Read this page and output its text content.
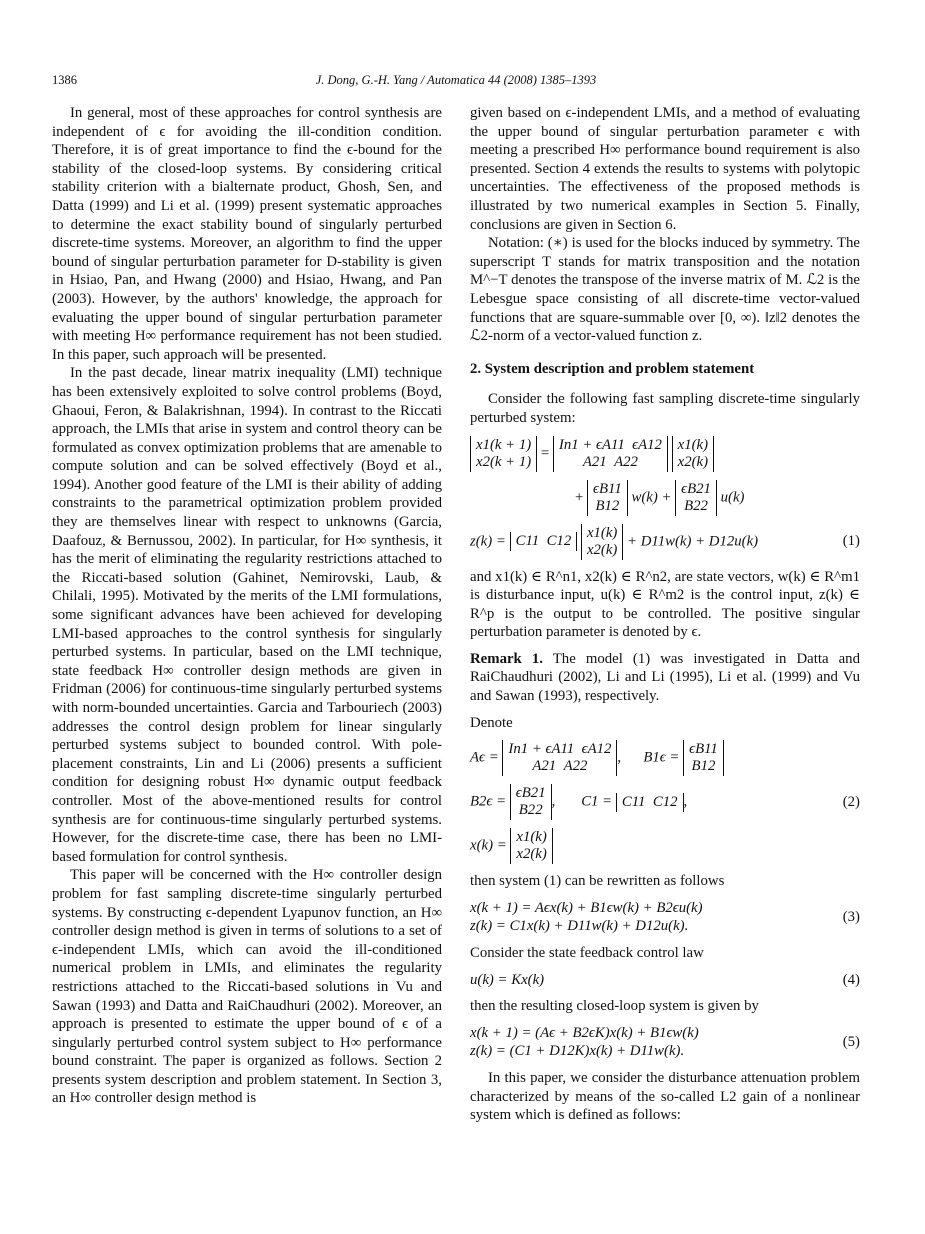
1386	J. Dong, G.-H. Yang / Automatica 44 (2008) 1385–1393

In general, most of these approaches for control synthesis are independent of ϵ for avoiding the ill-condition condition. Therefore, it is of great importance to find the ϵ-bound for the stability of the closed-loop systems. By considering critical stability criterion with a bialternate product, Ghosh, Sen, and Datta (1999) and Li et al. (1999) present systematic approaches to determine the exact stability bound of singularly perturbed discrete-time systems. Moreover, an algorithm to find the upper bound of singular perturbation parameter for D-stability is given in Hsiao, Pan, and Hwang (2000) and Hsiao, Hwang, and Pan (2003). However, by the authors' knowledge, the approach for evaluating the upper bound of singular perturbation parameter with meeting H∞ performance requirement has not been studied. In this paper, such approach will be presented.

In the past decade, linear matrix inequality (LMI) technique has been extensively exploited to solve control problems (Boyd, Ghaoui, Feron, & Balakrishnan, 1994). In contrast to the Riccati approach, the LMIs that arise in system and control theory can be formulated as convex optimization problems that are amenable to compute solution and can be solved effectively (Boyd et al., 1994). Another good feature of the LMI is their ability of adding constraints to the parametrical optimization problem provided they are themselves linear with respect to unknowns (Garcia, Daafouz, & Bernussou, 2002). In particular, for H∞ synthesis, it has the merit of eliminating the regularity restrictions attached to the Riccati-based solution (Gahinet, Nemirovski, Laub, & Chilali, 1995). Motivated by the merits of the LMI formulations, some significant advances have been achieved for developing LMI-based approaches to the control synthesis for singularly perturbed systems. In particular, based on the LMI technique, state feedback H∞ controller design methods are given in Fridman (2006) for continuous-time singularly perturbed systems with norm-bounded uncertainties. Garcia and Tarbouriech (2003) addresses the control design problem for linear singularly perturbed systems subject to bounded control. With pole-placement constraints, Lin and Li (2006) presents a sufficient condition for designing robust H∞ dynamic output feedback controller. Most of the above-mentioned results for control synthesis are for continuous-time singularly perturbed systems. However, for the discrete-time case, there has been no LMI-based formulation for control synthesis.

This paper will be concerned with the H∞ controller design problem for fast sampling discrete-time singularly perturbed systems. By constructing ϵ-dependent Lyapunov function, an H∞ controller design method is given in terms of solutions to a set of ϵ-independent LMIs, which can avoid the ill-conditioned numerical problem in LMIs, and eliminates the regularity restrictions attached to the Riccati-based solutions in Vu and Sawan (1993) and Datta and RaiChaudhuri (2002). Moreover, an approach is presented to estimate the upper bound of ϵ of a singularly perturbed control system subject to H∞ performance bound constraint. The paper is organized as follows. Section 2 presents system description and problem statement. In Section 3, an H∞ controller design method is

given based on ϵ-independent LMIs, and a method of evaluating the upper bound of singular perturbation parameter ϵ with meeting a prescribed H∞ performance bound requirement is also presented. Section 4 extends the results to systems with polytopic uncertainties. The effectiveness of the proposed methods is illustrated by two numerical examples in Section 5. Finally, conclusions are given in Section 6.

Notation: (∗) is used for the blocks induced by symmetry. The superscript T stands for matrix transposition and the notation M^−T denotes the transpose of the inverse matrix of M. ℒ2 is the Lebesgue space consisting of all discrete-time vector-valued functions that are square-summable over [0, ∞). ‖z‖2 denotes the ℒ2-norm of a vector-valued function z.

2. System description and problem statement

Consider the following fast sampling discrete-time singularly perturbed system:

x1(k + 1)
x2(k + 1)
=
In1 + ϵA11 ϵA12
A21 A22

x1(k)
x2(k)
+
ϵB11
B12
w(k) +
ϵB21
B22
u(k)
z(k) = C11 C12

x1(k)
x2(k)
+ D11w(k) + D12u(k)	(1)

and x1(k) ∈ R^n1, x2(k) ∈ R^n2, are state vectors, w(k) ∈ R^m1 is disturbance input, u(k) ∈ R^m2 is the control input, z(k) ∈ R^p is the output to be controlled. The positive singular perturbation parameter is denoted by ϵ.

Remark 1. The model (1) was investigated in Datta and RaiChaudhuri (2002), Li and Li (1995), Li et al. (1999) and Vu and Sawan (1993), respectively.

Denote

Aϵ =
In1 + ϵA11 ϵA12
A21 A22
,      B1ϵ =
ϵB11
B12
B2ϵ =
ϵB21
B22
,       C1 = C11 C12 ,	(2)
x(k) =
x1(k)
x2(k)

then system (1) can be rewritten as follows

x(k + 1) = Aϵx(k) + B1ϵw(k) + B2ϵu(k)
z(k) = C1x(k) + D11w(k) + D12u(k).
(3)

Consider the state feedback control law

u(k) = Kx(k)	(4)

then the resulting closed-loop system is given by

x(k + 1) = (Aϵ + B2ϵK)x(k) + B1ϵw(k)
z(k) = (C1 + D12K)x(k) + D11w(k).
(5)

In this paper, we consider the disturbance attenuation problem characterized by means of the so-called L2 gain of a nonlinear system which is defined as follows:
